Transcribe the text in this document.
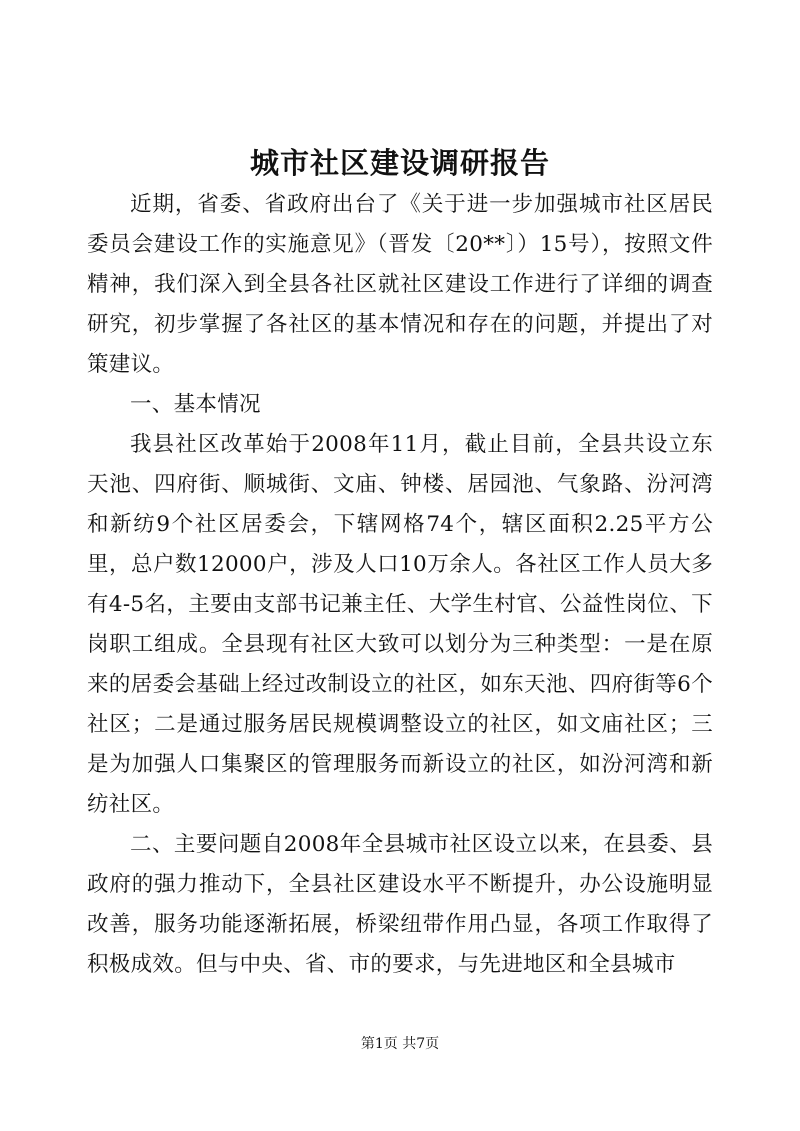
城市社区建设调研报告

近期，省委、省政府出台了《关于进一步加强城市社区居民委员会建设工作的实施意见》（晋发〔20**〕）15号），按照文件精神，我们深入到全县各社区就社区建设工作进行了详细的调查研究，初步掌握了各社区的基本情况和存在的问题，并提出了对策建议。

一、基本情况

我县社区改革始于2008年11月，截止目前，全县共设立东天池、四府街、顺城街、文庙、钟楼、居园池、气象路、汾河湾和新纺9个社区居委会，下辖网格74个，辖区面积2.25平方公里，总户数12000户，涉及人口10万余人。各社区工作人员大多有4-5名，主要由支部书记兼主任、大学生村官、公益性岗位、下岗职工组成。全县现有社区大致可以划分为三种类型：一是在原来的居委会基础上经过改制设立的社区，如东天池、四府街等6个社区；二是通过服务居民规模调整设立的社区，如文庙社区；三是为加强人口集聚区的管理服务而新设立的社区，如汾河湾和新纺社区。

二、主要问题自2008年全县城市社区设立以来，在县委、县政府的强力推动下，全县社区建设水平不断提升，办公设施明显改善，服务功能逐渐拓展，桥梁纽带作用凸显，各项工作取得了积极成效。但与中央、省、市的要求，与先进地区和全县城市

第1页 共7页
